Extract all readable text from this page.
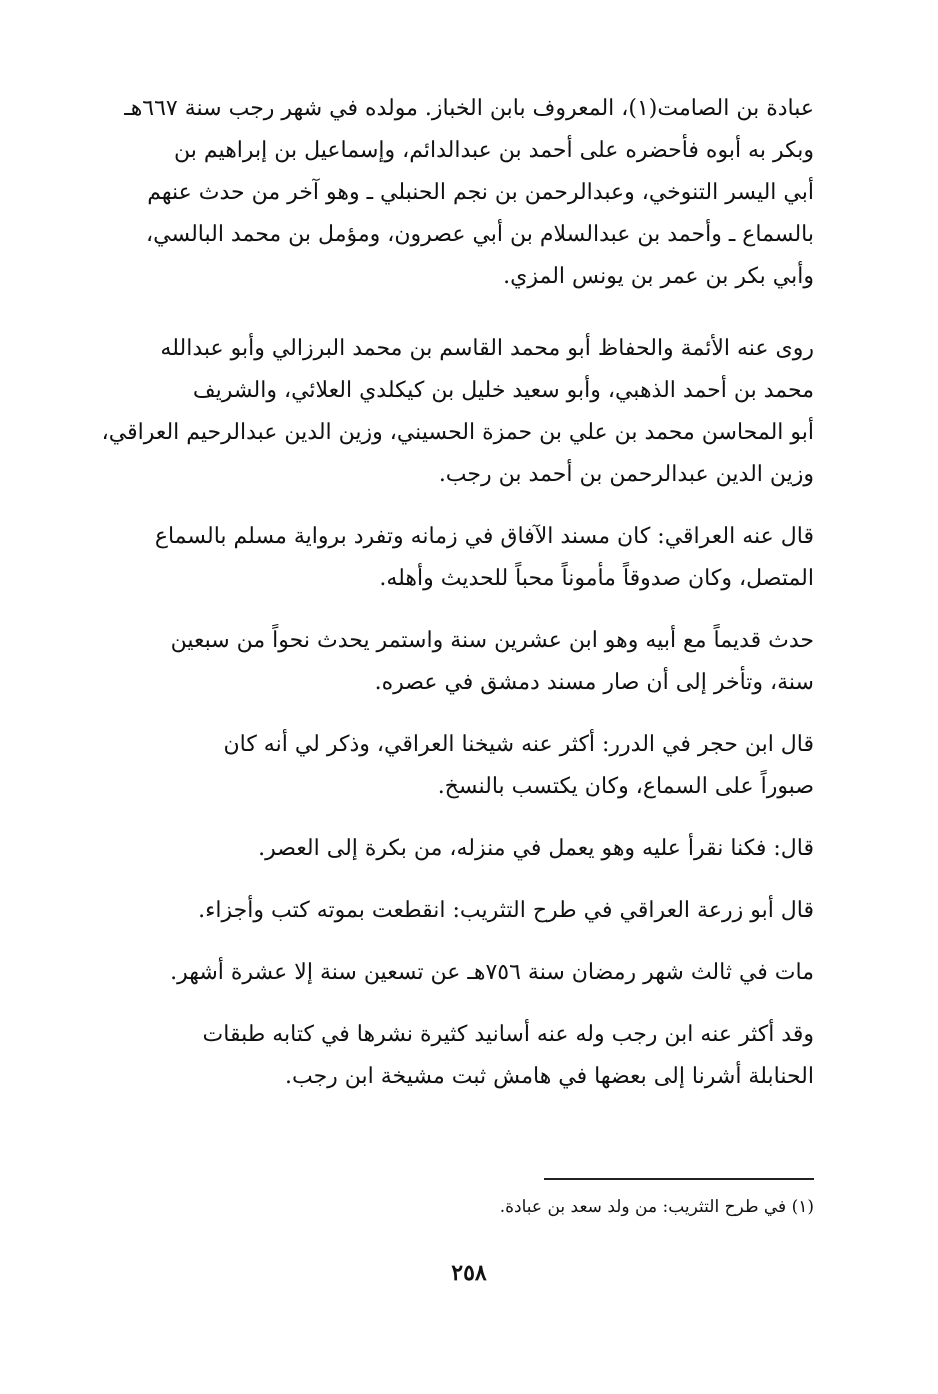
عبادة بن الصامت(١)، المعروف بابن الخباز. مولده في شهر رجب سنة ٦٦٧هـ
وبكر به أبوه فأحضره على أحمد بن عبدالدائم، وإسماعيل بن إبراهيم بن
أبي اليسر التنوخي، وعبدالرحمن بن نجم الحنبلي ـ وهو آخر من حدث عنهم
بالسماع ـ وأحمد بن عبدالسلام بن أبي عصرون، ومؤمل بن محمد البالسي،
وأبي بكر بن عمر بن يونس المزي.
روى عنه الأئمة والحفاظ أبو محمد القاسم بن محمد البرزالي وأبو عبدالله
محمد بن أحمد الذهبي، وأبو سعيد خليل بن كيكلدي العلائي، والشريف
أبو المحاسن محمد بن علي بن حمزة الحسيني، وزين الدين عبدالرحيم العراقي،
وزين الدين عبدالرحمن بن أحمد بن رجب.
قال عنه العراقي: كان مسند الآفاق في زمانه وتفرد برواية مسلم بالسماع
المتصل، وكان صدوقاً مأموناً محباً للحديث وأهله.
حدث قديماً مع أبيه وهو ابن عشرين سنة واستمر يحدث نحواً من سبعين
سنة، وتأخر إلى أن صار مسند دمشق في عصره.
قال ابن حجر في الدرر: أكثر عنه شيخنا العراقي، وذكر لي أنه كان
صبوراً على السماع، وكان يكتسب بالنسخ.
قال: فكنا نقرأ عليه وهو يعمل في منزله، من بكرة إلى العصر.
قال أبو زرعة العراقي في طرح التثريب: انقطعت بموته كتب وأجزاء.
مات في ثالث شهر رمضان سنة ٧٥٦هـ عن تسعين سنة إلا عشرة أشهر.
وقد أكثر عنه ابن رجب وله عنه أسانيد كثيرة نشرها في كتابه طبقات
الحنابلة أشرنا إلى بعضها في هامش ثبت مشيخة ابن رجب.
(١) في طرح التثريب: من ولد سعد بن عبادة.
٢٥٨
